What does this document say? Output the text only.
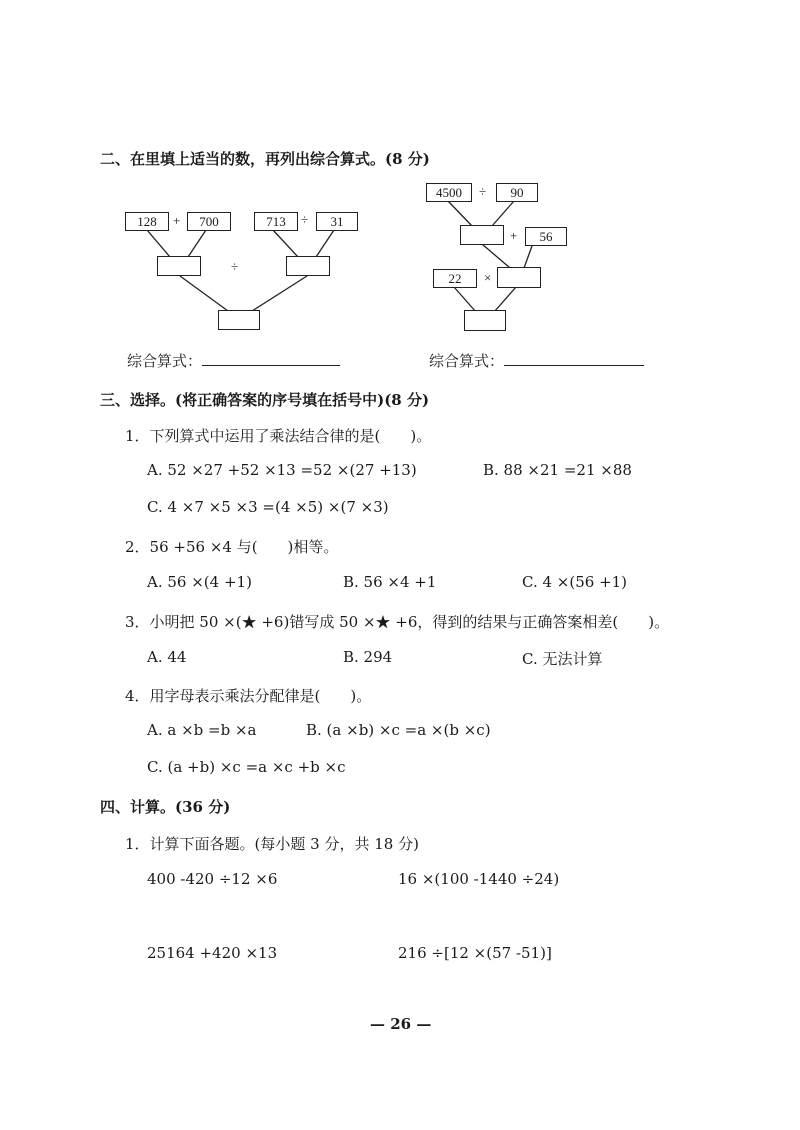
二、在里填上适当的数，再列出综合算式。(8 分)
128	+	700	713	÷	31
÷
4500	÷	90
+	56
22	×
综合算式：	综合算式：
三、选择。(将正确答案的序号填在括号中)(8 分)
1．下列算式中运用了乘法结合律的是(　　)。
A. 52 ×27 +52 ×13 =52 ×(27 +13)	B. 88 ×21 =21 ×88
C. 4 ×7 ×5 ×3 =(4 ×5) ×(7 ×3)
2．56 +56 ×4 与(　　)相等。
A. 56 ×(4 +1)	B. 56 ×4 +1	C. 4 ×(56 +1)
3．小明把 50 ×(★ +6)错写成 50 ×★ +6，得到的结果与正确答案相差(　　)。
A. 44	B. 294	C. 无法计算
4．用字母表示乘法分配律是(　　)。
A. a ×b =b ×a	B. (a ×b) ×c =a ×(b ×c)
C. (a +b) ×c =a ×c +b ×c
四、计算。(36 分)
1．计算下面各题。(每小题 3 分，共 18 分)
400 -420 ÷12 ×6	16 ×(100 -1440 ÷24)
25164 +420 ×13	216 ÷[12 ×(57 -51)]
— 26 —
